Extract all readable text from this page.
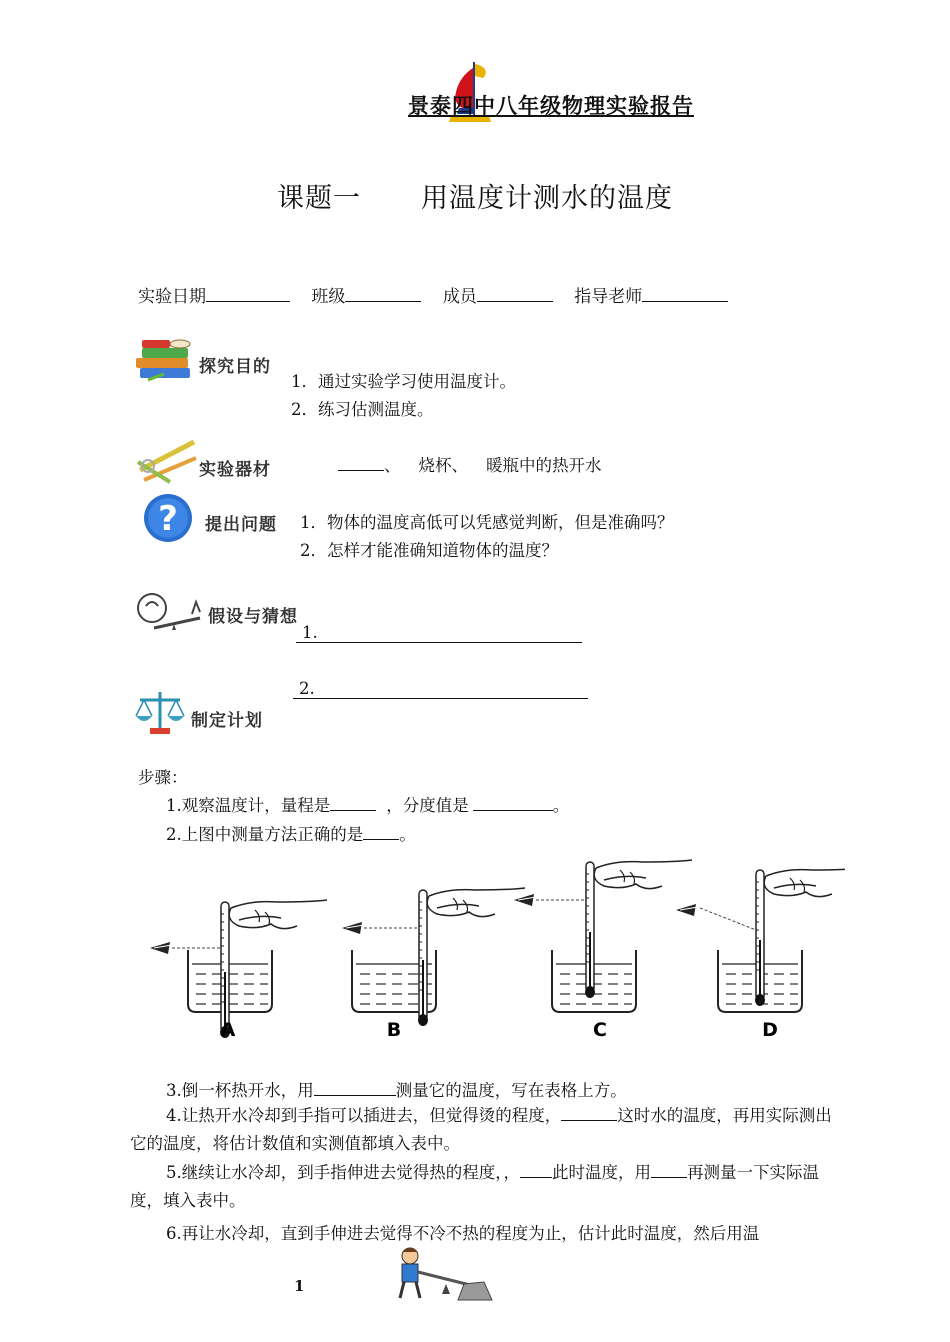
景泰四中八年级物理实验报告
课题一 用温度计测水的温度
实验日期	班级	成员	指导老师
探究目的
1．通过实验学习使用温度计。
2．练习估测温度。
实验器材	、 烧杯、 暖瓶中的热开水
? 提出问题 1．物体的温度高低可以凭感觉判断，但是准确吗？
2．怎样才能准确知道物体的温度？
假设与猜想
1.
2.
制定计划
步骤：
1.观察温度计，量程是	，分度值是	。
2.上图中测量方法正确的是 。
A	B	C	D
3.倒一杯热开水，用	测量它的温度，写在表格上方。
4.让热开水冷却到手指可以插进去，但觉得烫的程度，	这时水的温度，再用实际测出它的温度，将估计数值和实测值都填入表中。
5.继续让水冷却，到手指伸进去觉得热的程度，， 此时温度，用 再测量一下实际温度，填入表中。
6.再让水冷却，直到手伸进去觉得不冷不热的程度为止，估计此时温度，然后用温
1
